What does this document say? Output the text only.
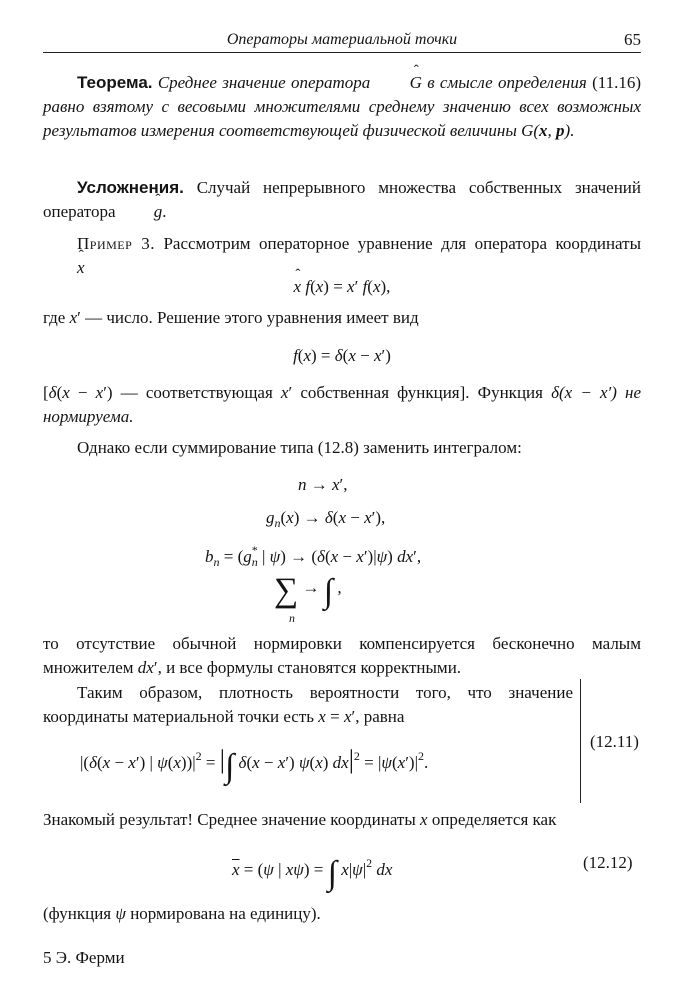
Операторы материальной точки	65
Теорема. Среднее значение оператора ˆ G в смысле определения (11.16) равно взятому с весовыми множителями среднему значению всех возможных результатов измерения соответствующей физической величины G(x, p).
Усложнения. Случай непрерывного множества собственных значений оператора ˆ g.
Пример 3. Рассмотрим операторное уравнение для оператора координаты ˆ x
ˆ x f(x) = x′ f(x),
где x′ — число. Решение этого уравнения имеет вид
f(x) = δ(x − x′)
[δ(x − x′) — соответствующая x′ собственная функция]. Функция δ(x − x′) не нормируема.
Однако если суммирование типа (12.8) заменить интегралом:
n → x′,
$g_n(x) \to \delta(x - x')$,
$b_n = (g^*_n$ | ψ) → (δ(x − x′)|ψ) dx′,
∑ → ∫ ,
n
то отсутствие обычной нормировки компенсируется бесконечно малым множителем dx′, и все формулы становятся корректными.
Таким образом, плотность вероятности того, что значение координаты материальной точки есть x = x′, равна
|(δ(x − x′) | $\psi(x))|^2$ = |∫ δ(x − x′) ψ(x) $dx|^2 = |\psi(x')|^2$.
(12.11)
Знакомый результат! Среднее значение координаты x определяется как
$\overline{x} = (\psi$ | xψ) = ∫ $x|\psi|^2$ dx	(12.12)
(функция ψ нормирована на единицу).
5 Э. Ферми
